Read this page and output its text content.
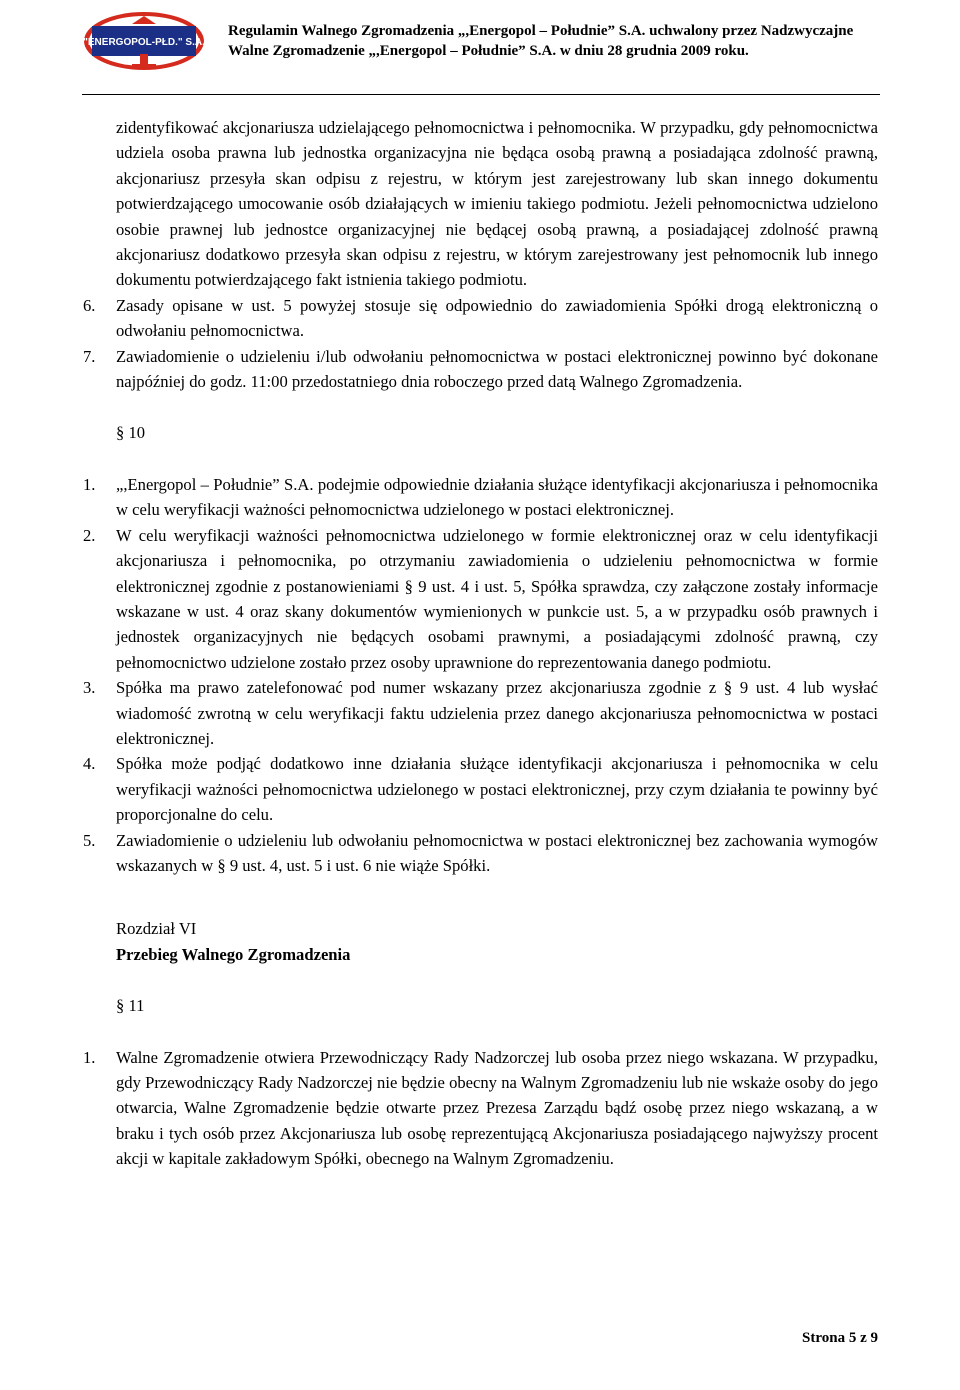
"ENERGOPOL-PŁD." S.A.
Regulamin Walnego Zgromadzenia „,Energopol – Południe” S.A. uchwalony przez Nadzwyczajne
Walne Zgromadzenie „,Energopol – Południe” S.A. w dniu 28 grudnia 2009 roku.

zidentyfikować akcjonariusza udzielającego pełnomocnictwa i pełnomocnika. W przypadku, gdy pełnomocnictwa udziela osoba prawna lub jednostka organizacyjna nie będąca osobą prawną a posiadająca zdolność prawną, akcjonariusz przesyła skan odpisu z rejestru, w którym jest zarejestrowany lub skan innego dokumentu potwierdzającego umocowanie osób działających w imieniu takiego podmiotu. Jeżeli pełnomocnictwa udzielono osobie prawnej lub jednostce organizacyjnej nie będącej osobą prawną, a posiadającej zdolność prawną akcjonariusz dodatkowo przesyła skan odpisu z rejestru, w którym zarejestrowany jest pełnomocnik lub innego dokumentu potwierdzającego fakt istnienia takiego podmiotu.

6. Zasady opisane w ust. 5 powyżej stosuje się odpowiednio do zawiadomienia Spółki drogą elektroniczną o odwołaniu pełnomocnictwa.
7. Zawiadomienie o udzieleniu i/lub odwołaniu pełnomocnictwa w postaci elektronicznej powinno być dokonane najpóźniej do godz. 11:00 przedostatniego dnia roboczego przed datą Walnego Zgromadzenia.

§ 10

1. „,Energopol – Południe” S.A. podejmie odpowiednie działania służące identyfikacji akcjonariusza i pełnomocnika w celu weryfikacji ważności pełnomocnictwa udzielonego w postaci elektronicznej.
2. W celu weryfikacji ważności pełnomocnictwa udzielonego w formie elektronicznej oraz w celu identyfikacji akcjonariusza i pełnomocnika, po otrzymaniu zawiadomienia o udzieleniu pełnomocnictwa w formie elektronicznej zgodnie z postanowieniami § 9 ust. 4 i ust. 5, Spółka sprawdza, czy załączone zostały informacje wskazane w ust. 4 oraz skany dokumentów wymienionych w punkcie ust. 5, a w przypadku osób prawnych i jednostek organizacyjnych nie będących osobami prawnymi, a posiadającymi zdolność prawną, czy pełnomocnictwo udzielone zostało przez osoby uprawnione do reprezentowania danego podmiotu.
3. Spółka ma prawo zatelefonować pod numer wskazany przez akcjonariusza zgodnie z § 9 ust. 4 lub wysłać wiadomość zwrotną w celu weryfikacji faktu udzielenia przez danego akcjonariusza pełnomocnictwa w postaci elektronicznej.
4. Spółka może podjąć dodatkowo inne działania służące identyfikacji akcjonariusza i pełnomocnika w celu weryfikacji ważności pełnomocnictwa udzielonego w postaci elektronicznej, przy czym działania te powinny być proporcjonalne do celu.
5. Zawiadomienie o udzieleniu lub odwołaniu pełnomocnictwa w postaci elektronicznej bez zachowania wymogów wskazanych w § 9 ust. 4, ust. 5 i ust. 6 nie wiąże Spółki.

Rozdział VI

Przebieg Walnego Zgromadzenia

§ 11

1. Walne Zgromadzenie otwiera Przewodniczący Rady Nadzorczej lub osoba przez niego wskazana. W przypadku, gdy Przewodniczący Rady Nadzorczej nie będzie obecny na Walnym Zgromadzeniu lub nie wskaże osoby do jego otwarcia, Walne Zgromadzenie będzie otwarte przez Prezesa Zarządu bądź osobę przez niego wskazaną, a w braku i tych osób przez Akcjonariusza lub osobę reprezentującą Akcjonariusza posiadającego najwyższy procent akcji w kapitale zakładowym Spółki, obecnego na Walnym Zgromadzeniu.
Strona 5 z 9
